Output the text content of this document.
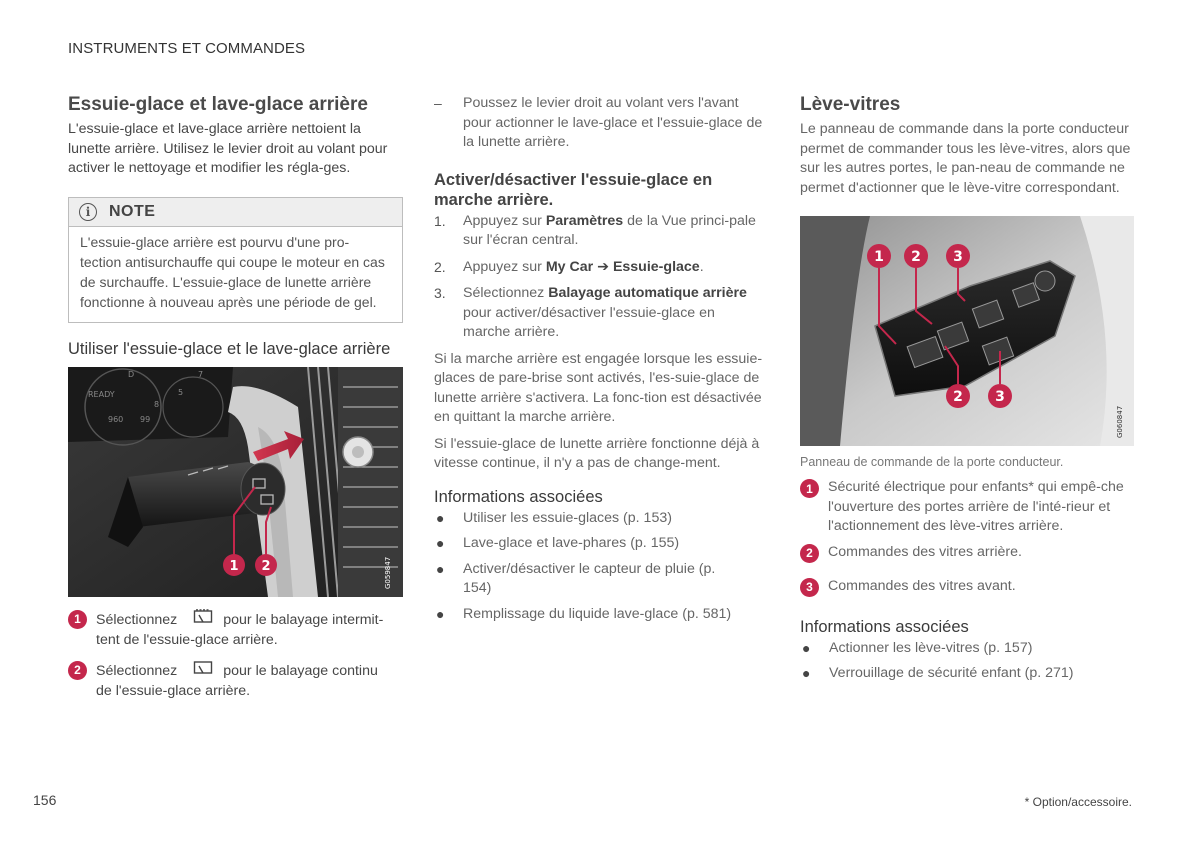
INSTRUMENTS ET COMMANDES
Essuie-glace et lave-glace arrière

L'essuie-glace et lave-glace arrière nettoient la lunette arrière. Utilisez le levier droit au volant pour activer le nettoyage et modifier les régla-ges.

i	NOTE

L'essuie-glace arrière est pourvu d'une pro-tection antisurchauffe qui coupe le moteur en cas de surchauffe. L'essuie-glace de lunette arrière fonctionne à nouveau après une période de gel.

Utiliser l'essuie-glace et le lave-glace arrière
READY
D
8
5
960 99
7
1 2	G059847
1	Sélectionnez	pour le balayage intermit-
tent de l'essuie-glace arrière.

2	Sélectionnez	pour le balayage continu
de l'essuie-glace arrière.

–	Poussez le levier droit au volant vers l'avant pour actionner le lave-glace et l'essuie-glace de la lunette arrière.

Activer/désactiver l'essuie-glace en marche arrière.
1.	Appuyez sur Paramètres de la Vue princi-pale sur l'écran central.

2.	Appuyez sur My Car ➔ Essuie-glace.

3.	Sélectionnez Balayage automatique arrière pour activer/désactiver l'essuie-glace en marche arrière.

Si la marche arrière est engagée lorsque les essuie-glaces de pare-brise sont activés, l'es-suie-glace de lunette arrière s'activera. La fonc-tion est désactivée en quittant la marche arrière.

Si l'essuie-glace de lunette arrière fonctionne déjà à vitesse continue, il n'y a pas de change-ment.

Informations associées
●	Utiliser les essuie-glaces (p. 153)

●	Lave-glace et lave-phares (p. 155)

●	Activer/désactiver le capteur de pluie (p. 154)

●	Remplissage du liquide lave-glace (p. 581)

Lève-vitres

Le panneau de commande dans la porte conducteur permet de commander tous les lève-vitres, alors que sur les autres portes, le pan-neau de commande ne permet d'actionner que le lève-vitre correspondant.

1 2 3
2 3
G060847
Panneau de commande de la porte conducteur.
1	Sécurité électrique pour enfants* qui empê-che l'ouverture des portes arrière de l'inté-rieur et l'actionnement des lève-vitres arrière.

2	Commandes des vitres arrière.

3	Commandes des vitres avant.

Informations associées
●	Actionner les lève-vitres (p. 157)

●	Verrouillage de sécurité enfant (p. 271)

156	* Option/accessoire.
